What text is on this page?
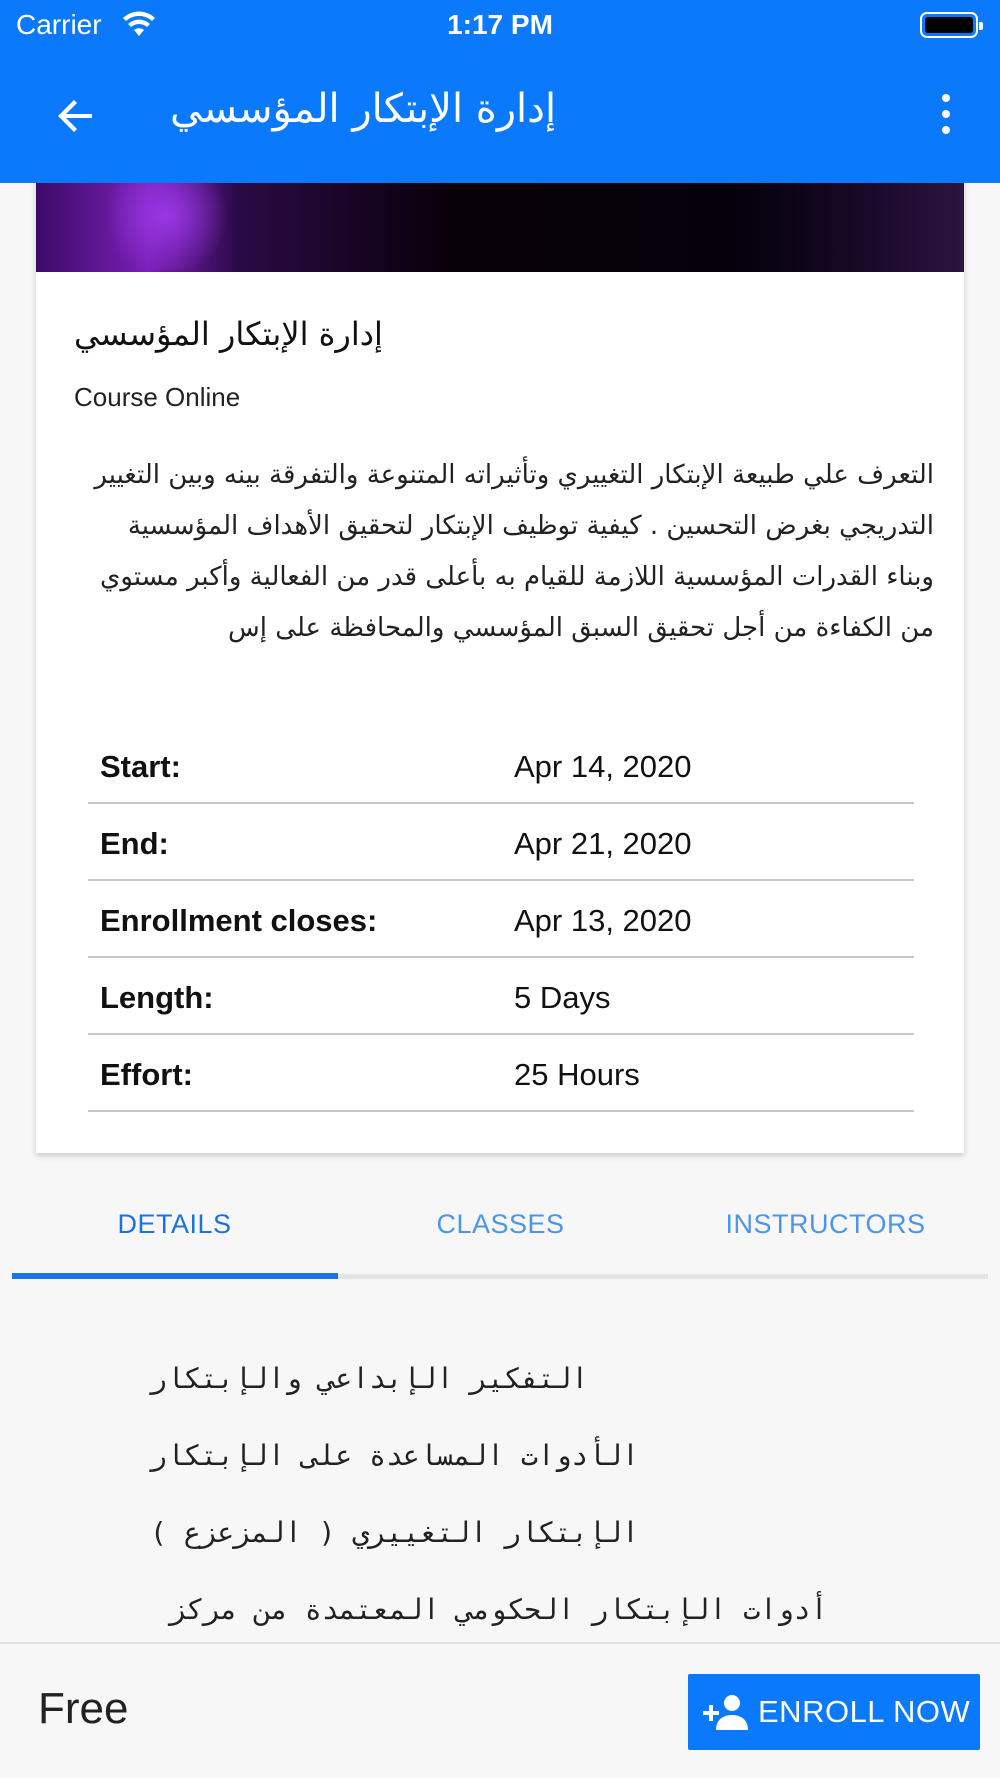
Carrier	1:17 PM
إدارة الإبتكار المؤسسي
إدارة الإبتكار المؤسسي
Course Online

التعرف علي طبيعة الإبتكار التغييري وتأثيراته المتنوعة والتفرقة بينه وبين التغيير التدريجي بغرض التحسين . كيفية توظيف الإبتكار لتحقيق الأهداف المؤسسية وبناء القدرات المؤسسية اللازمة للقيام به بأعلى قدر من الفعالية وأكبر مستوي من الكفاءة من أجل تحقيق السبق المؤسسي والمحافظة على إس

Start:	Apr 14, 2020
End:	Apr 21, 2020
Enrollment closes:	Apr 13, 2020
Length:	5 Days
Effort:	25 Hours
DETAILS	CLASSES	INSTRUCTORS
التفكير الإبداعي والإبتكار
الأدوات المساعدة على الإبتكار
الإبتكار التغييري ( المزعزع )
أدوات الإبتكار الحكومي المعتمدة من مركز
Free	ENROLL NOW
